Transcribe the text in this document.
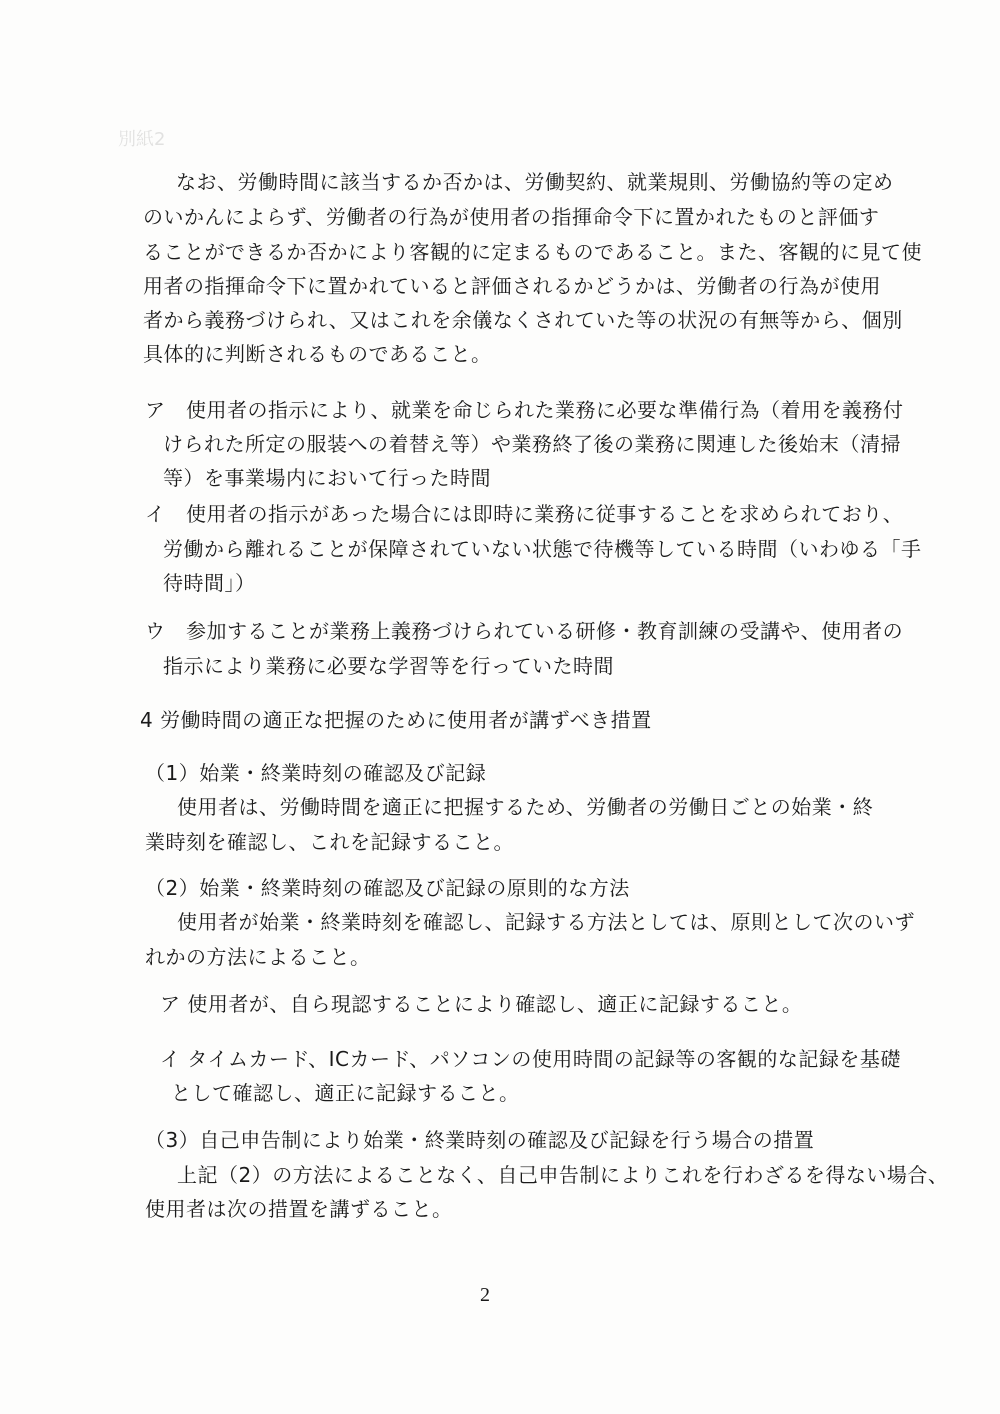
別紙2
なお、労働時間に該当するか否かは、労働契約、就業規則、労働協約等の定め
のいかんによらず、労働者の行為が使用者の指揮命令下に置かれたものと評価す
ることができるか否かにより客観的に定まるものであること。また、客観的に見て使
用者の指揮命令下に置かれていると評価されるかどうかは、労働者の行為が使用
者から義務づけられ、又はこれを余儀なくされていた等の状況の有無等から、個別
具体的に判断されるものであること。
ア　使用者の指示により、就業を命じられた業務に必要な準備行為（着用を義務付
けられた所定の服装への着替え等）や業務終了後の業務に関連した後始末（清掃
等）を事業場内において行った時間
イ　使用者の指示があった場合には即時に業務に従事することを求められており、
労働から離れることが保障されていない状態で待機等している時間（いわゆる「手
待時間」）
ウ　参加することが業務上義務づけられている研修・教育訓練の受講や、使用者の
指示により業務に必要な学習等を行っていた時間
4 労働時間の適正な把握のために使用者が講ずべき措置
（1）始業・終業時刻の確認及び記録
使用者は、労働時間を適正に把握するため、労働者の労働日ごとの始業・終
業時刻を確認し、これを記録すること。
（2）始業・終業時刻の確認及び記録の原則的な方法
使用者が始業・終業時刻を確認し、記録する方法としては、原則として次のいず
れかの方法によること。
ア 使用者が、自ら現認することにより確認し、適正に記録すること。
イ タイムカード、ICカード、パソコンの使用時間の記録等の客観的な記録を基礎
として確認し、適正に記録すること。
（3）自己申告制により始業・終業時刻の確認及び記録を行う場合の措置
上記（2）の方法によることなく、自己申告制によりこれを行わざるを得ない場合、
使用者は次の措置を講ずること。
2
